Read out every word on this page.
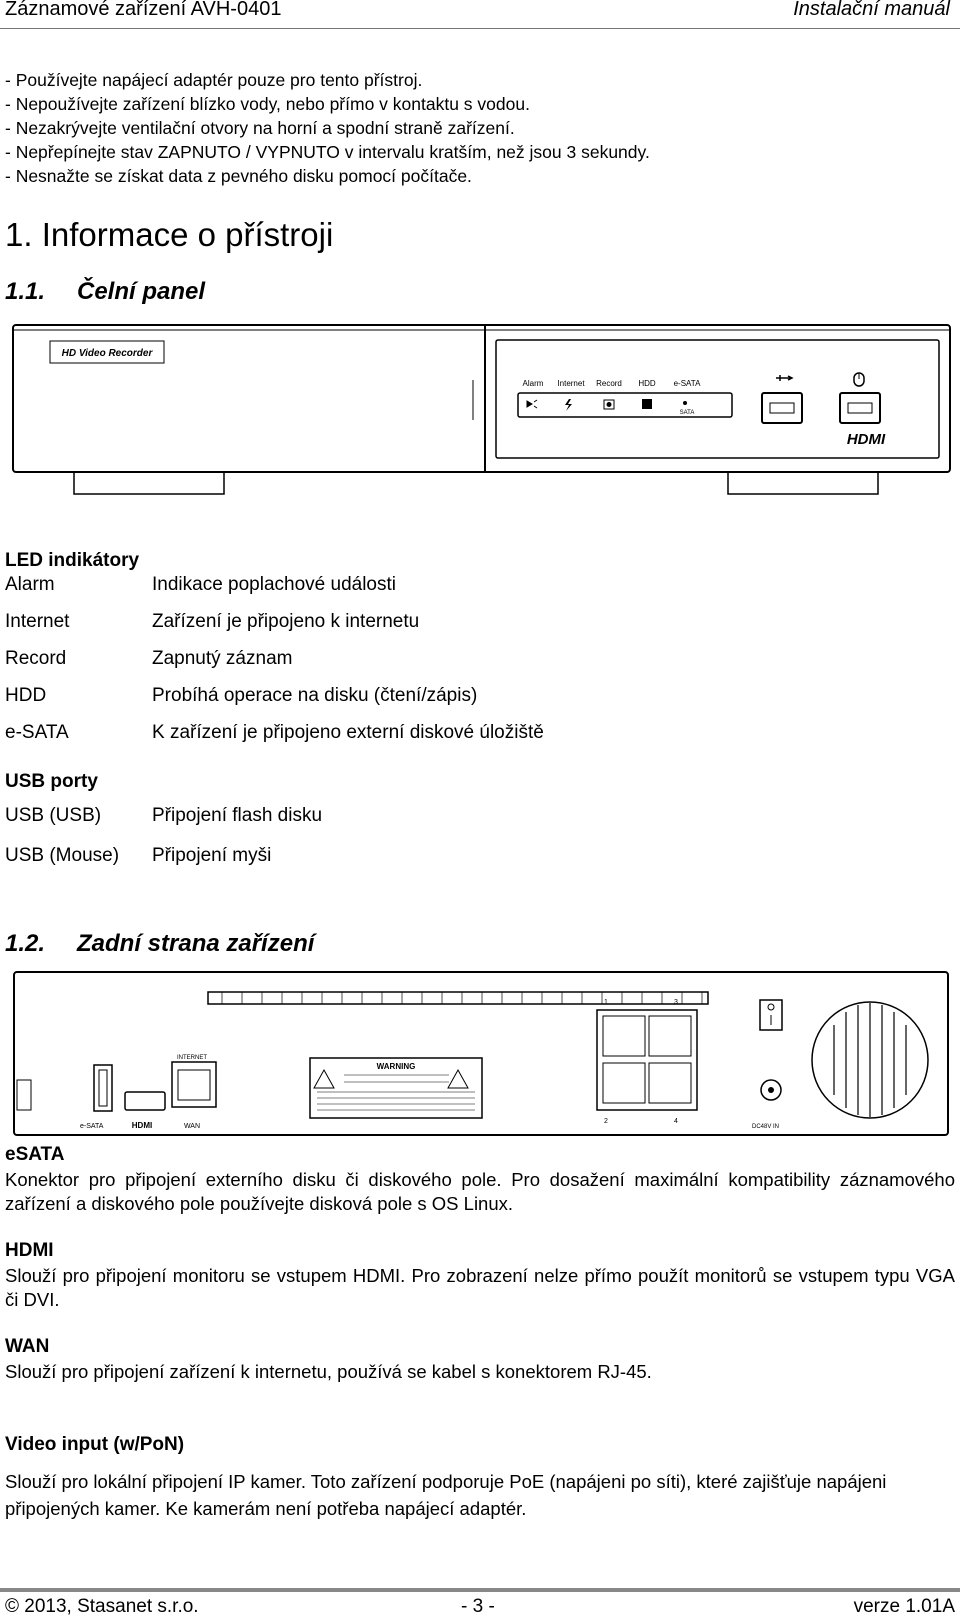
Záznamové zařízení AVH-0401	Instalační manuál
- Používejte napájecí adaptér pouze pro tento přístroj.
- Nepoužívejte zařízení blízko vody, nebo přímo v kontaktu s vodou.
- Nezakrývejte ventilační otvory na horní a spodní straně zařízení.
- Nepřepínejte stav ZAPNUTO / VYPNUTO v intervalu kratším, než jsou 3 sekundy.
- Nesnažte se získat data z pevného disku pomocí počítače.
1. Informace o přístroji
1.1. Čelní panel
HD Video Recorder
Alarm Internet Record HDD e-SATA
SATA
HDMI
LED indikátory
Alarm	Indikace poplachové události
Internet	Zařízení je připojeno k internetu
Record	Zapnutý záznam
HDD	Probíhá operace na disku (čtení/zápis)
e-SATA	K zařízení je připojeno externí diskové úložiště
USB porty
USB (USB)	Připojení flash disku
USB (Mouse) Připojení myši
1.2. Zadní strana zařízení
e-SATA	HDMI
INTERNET
WAN
WARNING
1	3
2	4
DC48V IN
eSATA
Konektor pro připojení externího disku či diskového pole. Pro dosažení maximální kompatibility záznamového zařízení a diskového pole používejte disková pole s OS Linux.
HDMI
Slouží pro připojení monitoru se vstupem HDMI. Pro zobrazení nelze přímo použít monitorů se vstupem typu VGA či DVI.
WAN
Slouží pro připojení zařízení k internetu, používá se kabel s konektorem RJ-45.
Video input (w/PoN)
Slouží pro lokální připojení IP kamer. Toto zařízení podporuje PoE (napájeni po síti), které zajišťuje napájeni připojených kamer. Ke kamerám není potřeba napájecí adaptér.
© 2013, Stasanet s.r.o.	- 3 -	verze 1.01A
